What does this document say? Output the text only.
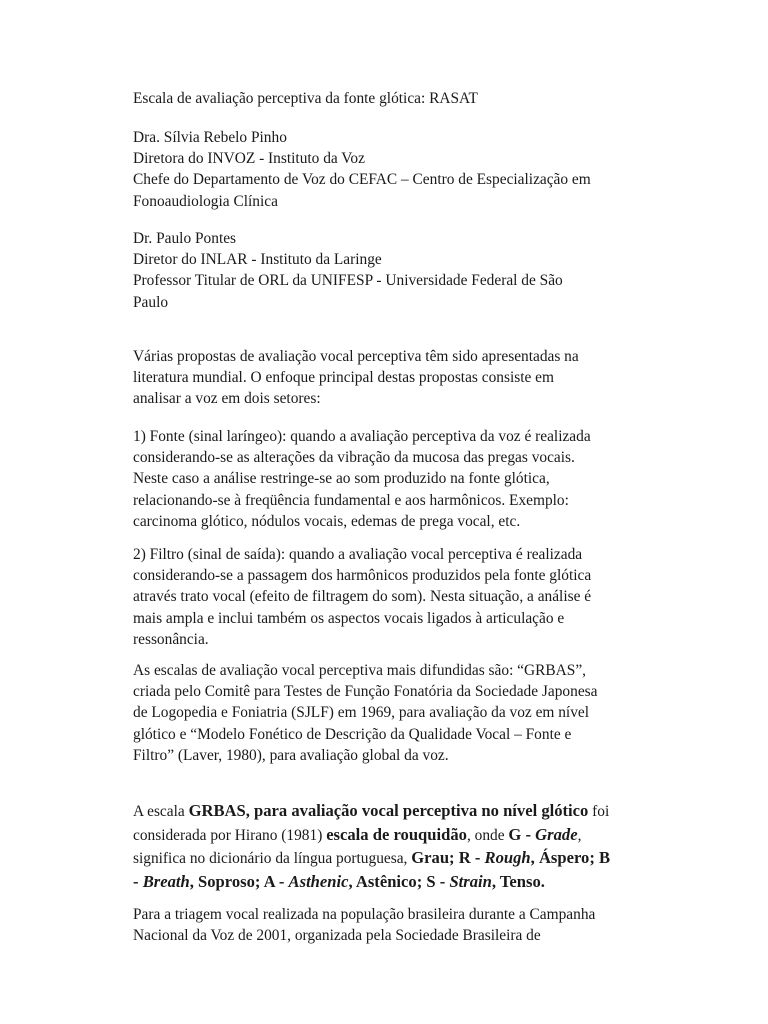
Escala de avaliação perceptiva da fonte glótica: RASAT

Dra. Sílvia Rebelo Pinho
Diretora do INVOZ - Instituto da Voz
Chefe do Departamento de Voz do CEFAC – Centro de Especialização em
Fonoaudiologia Clínica

Dr. Paulo Pontes
Diretor do INLAR - Instituto da Laringe
Professor Titular de ORL da UNIFESP - Universidade Federal de São
Paulo

Várias propostas de avaliação vocal perceptiva têm sido apresentadas na
literatura mundial. O enfoque principal destas propostas consiste em
analisar a voz em dois setores:

1) Fonte (sinal laríngeo): quando a avaliação perceptiva da voz é realizada
considerando-se as alterações da vibração da mucosa das pregas vocais.
Neste caso a análise restringe-se ao som produzido na fonte glótica,
relacionando-se à freqüência fundamental e aos harmônicos. Exemplo:
carcinoma glótico, nódulos vocais, edemas de prega vocal, etc.

2) Filtro (sinal de saída): quando a avaliação vocal perceptiva é realizada
considerando-se a passagem dos harmônicos produzidos pela fonte glótica
através trato vocal (efeito de filtragem do som). Nesta situação, a análise é
mais ampla e inclui também os aspectos vocais ligados à articulação e
ressonância.

As escalas de avaliação vocal perceptiva mais difundidas são: “GRBAS”,
criada pelo Comitê para Testes de Função Fonatória da Sociedade Japonesa
de Logopedia e Foniatria (SJLF) em 1969, para avaliação da voz em nível
glótico e “Modelo Fonético de Descrição da Qualidade Vocal – Fonte e
Filtro” (Laver, 1980), para avaliação global da voz.

A escala GRBAS, para avaliação vocal perceptiva no nível glótico foi
considerada por Hirano (1981) escala de rouquidão, onde G - Grade,
significa no dicionário da língua portuguesa, Grau; R - Rough, Áspero; B
- Breath, Soproso; A - Asthenic, Astênico; S - Strain, Tenso.

Para a triagem vocal realizada na população brasileira durante a Campanha
Nacional da Voz de 2001, organizada pela Sociedade Brasileira de
